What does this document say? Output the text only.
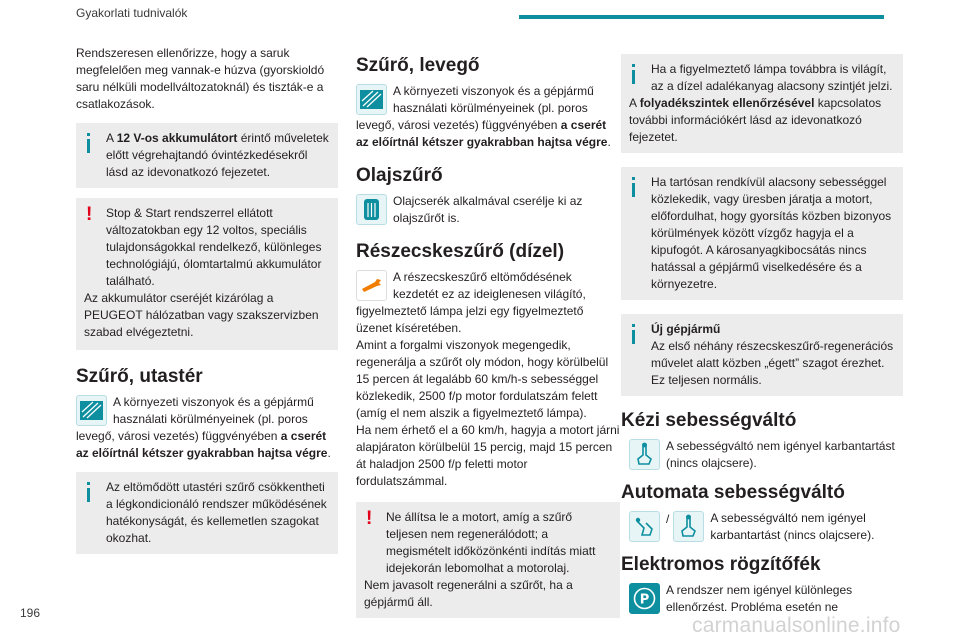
Gyakorlati tudnivalók

Rendszeresen ellenőrizze, hogy a saruk megfelelően meg vannak-e húzva (gyorskioldó saru nélküli modellváltozatoknál) és tiszták-e a csatlakozások.

A 12 V-os akkumulátort érintő műveletek előtt végrehajtandó óvintézkedésekről lásd az idevonatkozó fejezetet.
!	Stop & Start rendszerrel ellátott változatokban egy 12 voltos, speciális tulajdonságokkal rendelkező, különleges technológiájú, ólomtartalmú akkumulátor található.
Az akkumulátor cseréjét kizárólag a PEUGEOT hálózatban vagy szakszervizben szabad elvégeztetni.
Szűrő, utastér
A környezeti viszonyok és a gépjármű használati körülményeinek (pl. poros levegő, városi vezetés) függvényében a cserét az előírtnál kétszer gyakrabban hajtsa végre.
Az eltömődött utastéri szűrő csökkentheti a légkondicionáló rendszer működésének hatékonyságát, és kellemetlen szagokat okozhat.
Szűrő, levegő
A környezeti viszonyok és a gépjármű használati körülményeinek (pl. poros levegő, városi vezetés) függvényében a cserét az előírtnál kétszer gyakrabban hajtsa végre.
Olajszűrő
Olajcserék alkalmával cserélje ki az olajszűrőt is.
Részecskeszűrő (dízel)
A részecskeszűrő eltömődésének kezdetét ez az ideiglenesen világító, figyelmeztető lámpa jelzi egy figyelmeztető üzenet kíséretében.
Amint a forgalmi viszonyok megengedik, regenerálja a szűrőt oly módon, hogy körülbelül 15 percen át legalább 60 km/h-s sebességgel közlekedik, 2500 f/p motor fordulatszám felett (amíg el nem alszik a figyelmeztető lámpa).
Ha nem érhető el a 60 km/h, hagyja a motort járni alapjáraton körülbelül 15 percig, majd 15 percen át haladjon 2500 f/p feletti motor fordulatszámmal.
!	Ne állítsa le a motort, amíg a szűrő teljesen nem regenerálódott; a megismételt időközönkénti indítás miatt idejekorán lebomolhat a motorolaj.
Nem javasolt regenerálni a szűrőt, ha a gépjármű áll.
Ha a figyelmeztető lámpa továbbra is világít, az a dízel adalékanyag alacsony szintjét jelzi.
A folyadékszintek ellenőrzésével kapcsolatos további információkért lásd az idevonatkozó fejezetet.
Ha tartósan rendkívül alacsony sebességgel közlekedik, vagy üresben járatja a motort, előfordulhat, hogy gyorsítás közben bizonyos körülmények között vízgőz hagyja el a kipufogót. A károsanyagkibocsátás nincs hatással a gépjármű viselkedésére és a környezetre.
Új gépjármű
Az első néhány részecskeszűrő-regenerációs művelet alatt közben „égett” szagot érezhet. Ez teljesen normális.
Kézi sebességváltó
A sebességváltó nem igényel karbantartást (nincs olajcsere).
Automata sebességváltó
/	A sebességváltó nem igényel karbantartást (nincs olajcsere).
Elektromos rögzítőfék
P
A rendszer nem igényel különleges ellenőrzést. Probléma esetén ne
196
carmanualsonline.info
